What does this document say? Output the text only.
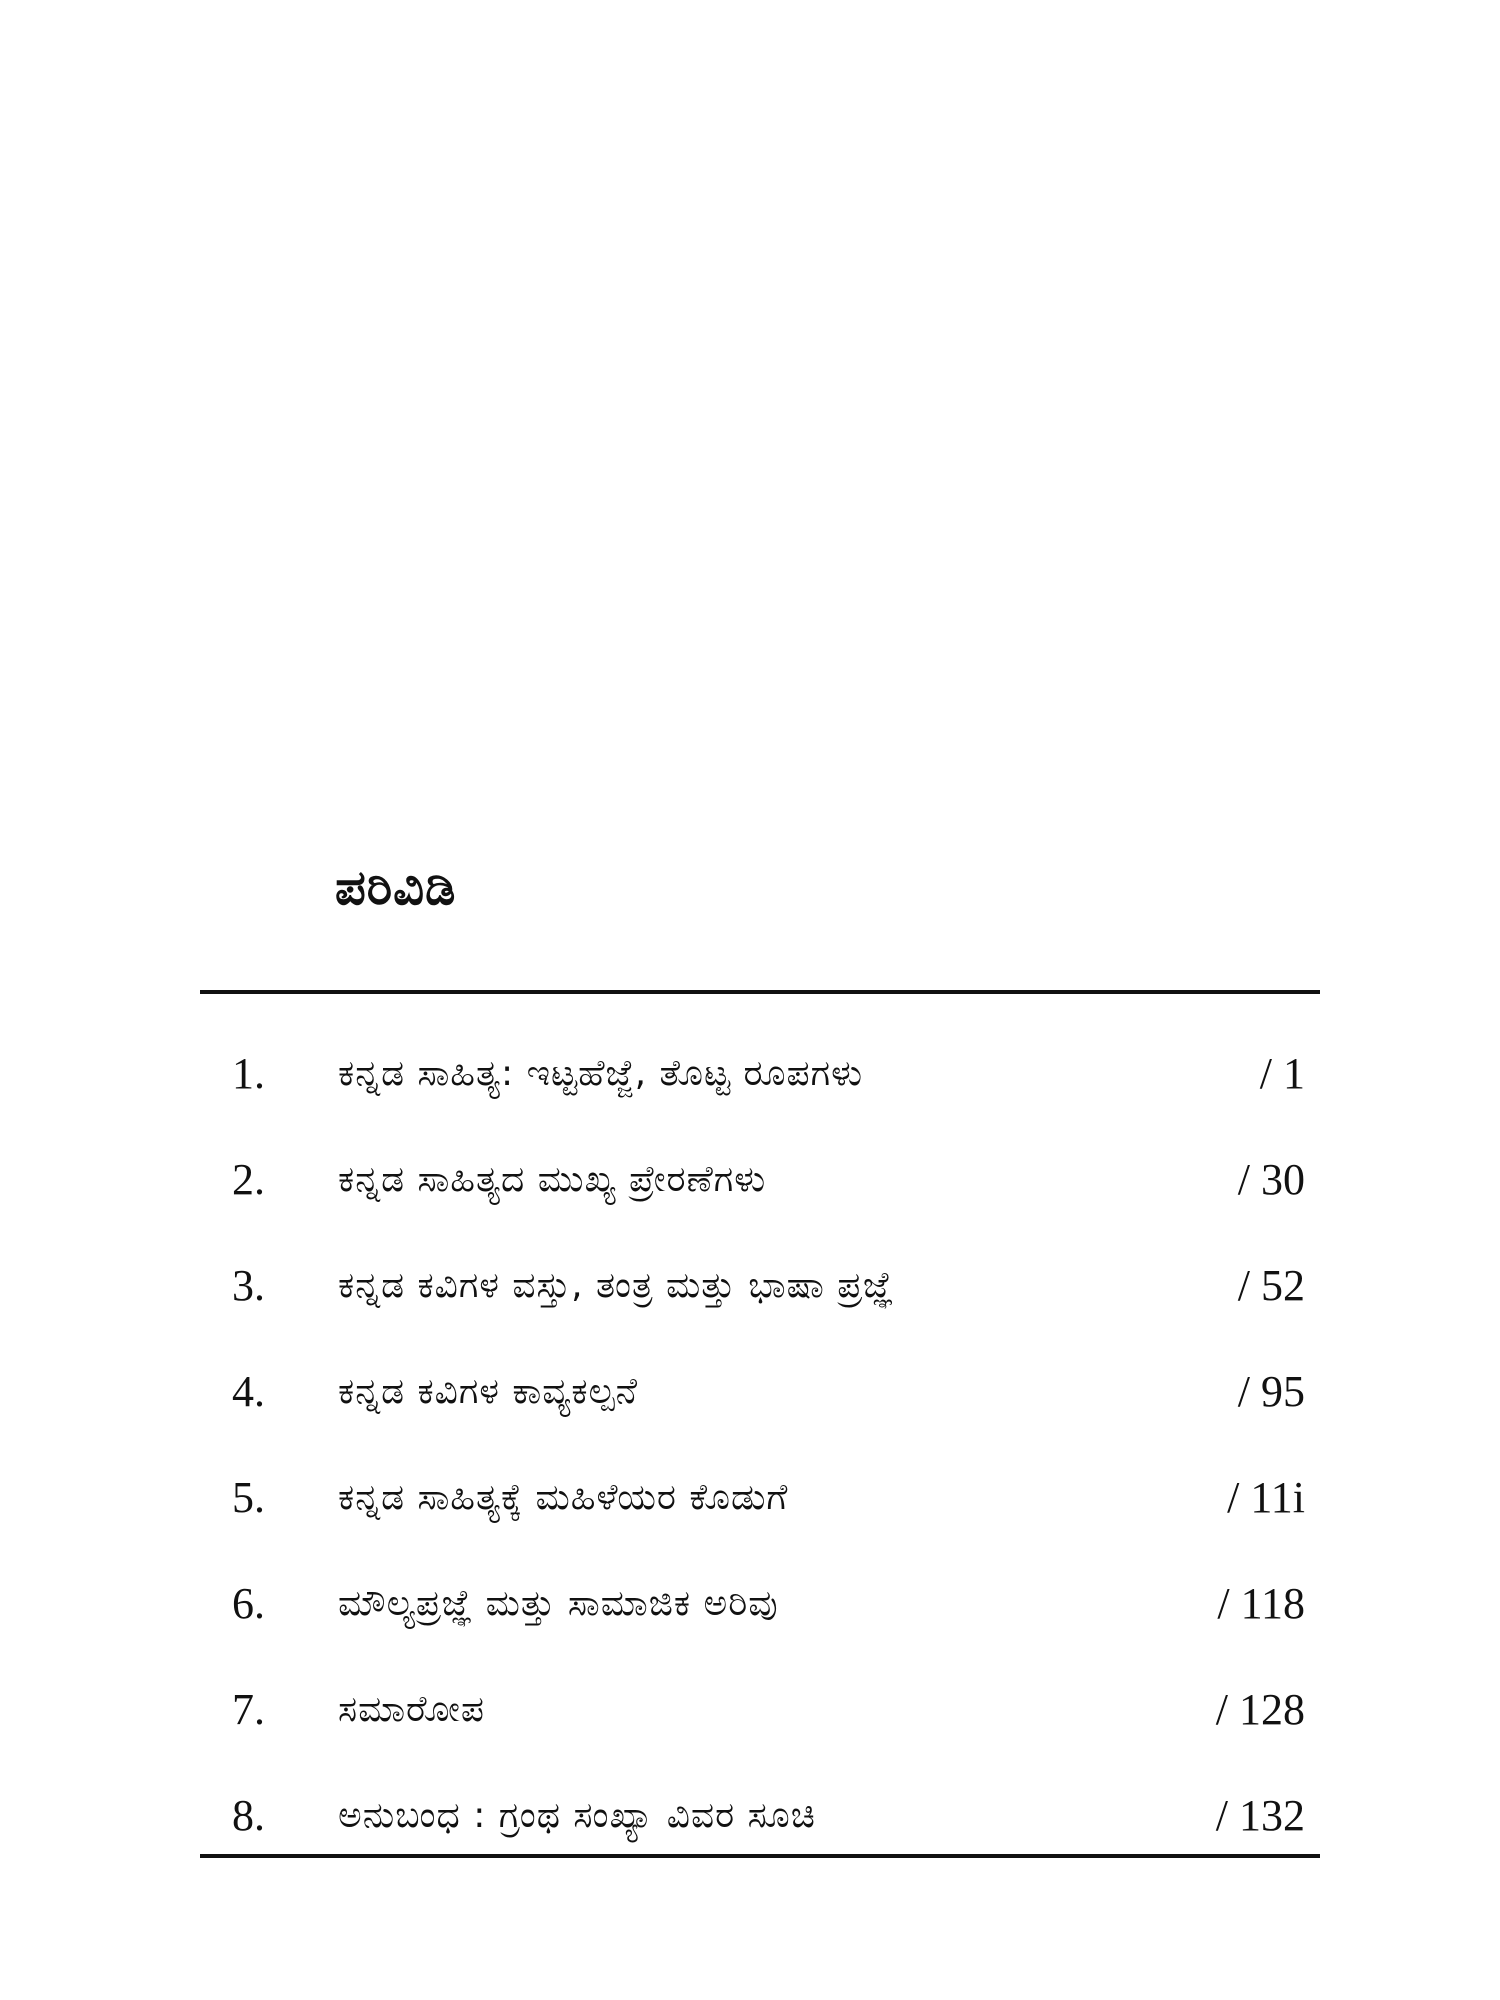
ಪರಿವಿಡಿ
1. ಕನ್ನಡ ಸಾಹಿತ್ಯ: ಇಟ್ಟಹೆಜ್ಜೆ, ತೊಟ್ಟ ರೂಪಗಳು	/ 1
2. ಕನ್ನಡ ಸಾಹಿತ್ಯದ ಮುಖ್ಯ ಪ್ರೇರಣೆಗಳು	/ 30
3. ಕನ್ನಡ ಕವಿಗಳ ವಸ್ತು, ತಂತ್ರ ಮತ್ತು ಭಾಷಾ ಪ್ರಜ್ಞೆ	/ 52
4. ಕನ್ನಡ ಕವಿಗಳ ಕಾವ್ಯಕಲ್ಪನೆ	/ 95
5. ಕನ್ನಡ ಸಾಹಿತ್ಯಕ್ಕೆ ಮಹಿಳೆಯರ ಕೊಡುಗೆ	/ 11i
6. ಮೌಲ್ಯಪ್ರಜ್ಞೆ ಮತ್ತು ಸಾಮಾಜಿಕ ಅರಿವು	/ 118
7. ಸಮಾರೋಪ	/ 128
8. ಅನುಬಂಧ : ಗ್ರಂಥ ಸಂಖ್ಯಾ ವಿವರ ಸೂಚಿ	/ 132
